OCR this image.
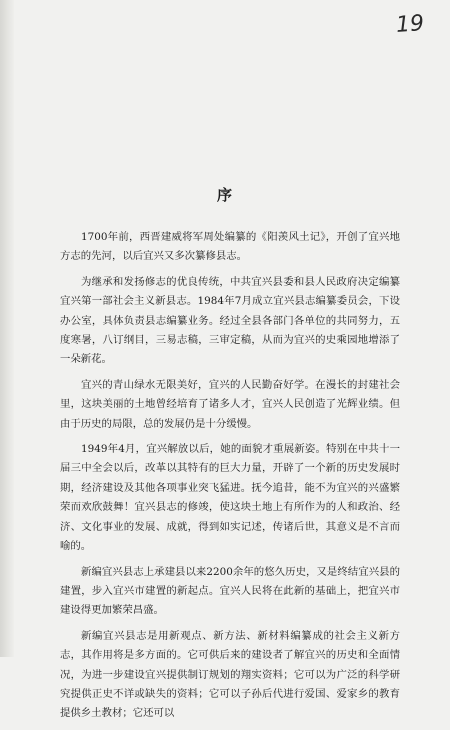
19
序

1700年前，西晋建威将军周处编纂的《阳羡风土记》，开创了宜兴地方志的先河，以后宜兴又多次纂修县志。

为继承和发扬修志的优良传统，中共宜兴县委和县人民政府决定编纂宜兴第一部社会主义新县志。1984年7月成立宜兴县志编纂委员会，下设办公室，具体负责县志编纂业务。经过全县各部门各单位的共同努力，五度寒暑，八订纲目，三易志稿，三审定稿，从而为宜兴的史乘园地增添了一朵新花。

宜兴的青山绿水无限美好，宜兴的人民勤奋好学。在漫长的封建社会里，这块美丽的土地曾经培育了诸多人才，宜兴人民创造了光辉业绩。但由于历史的局限，总的发展仍是十分缓慢。

1949年4月，宜兴解放以后，她的面貌才重展新姿。特别在中共十一届三中全会以后，改革以其特有的巨大力量，开辟了一个新的历史发展时期，经济建设及其他各项事业突飞猛进。抚今追昔，能不为宜兴的兴盛繁荣而欢欣鼓舞！宜兴县志的修竣，使这块土地上有所作为的人和政治、经济、文化事业的发展、成就，得到如实记述，传诸后世，其意义是不言而喻的。

新编宜兴县志上承建县以来2200余年的悠久历史，又是终结宜兴县的建置，步入宜兴市建置的新起点。宜兴人民将在此新的基础上，把宜兴市建设得更加繁荣昌盛。

新编宜兴县志是用新观点、新方法、新材料编纂成的社会主义新方志，其作用将是多方面的。它可供后来的建设者了解宜兴的历史和全面情况，为进一步建设宜兴提供制订规划的翔实资料；它可以为广泛的科学研究提供正史不详或缺失的资料；它可以子孙后代进行爱国、爱家乡的教育提供乡土教材；它还可以
